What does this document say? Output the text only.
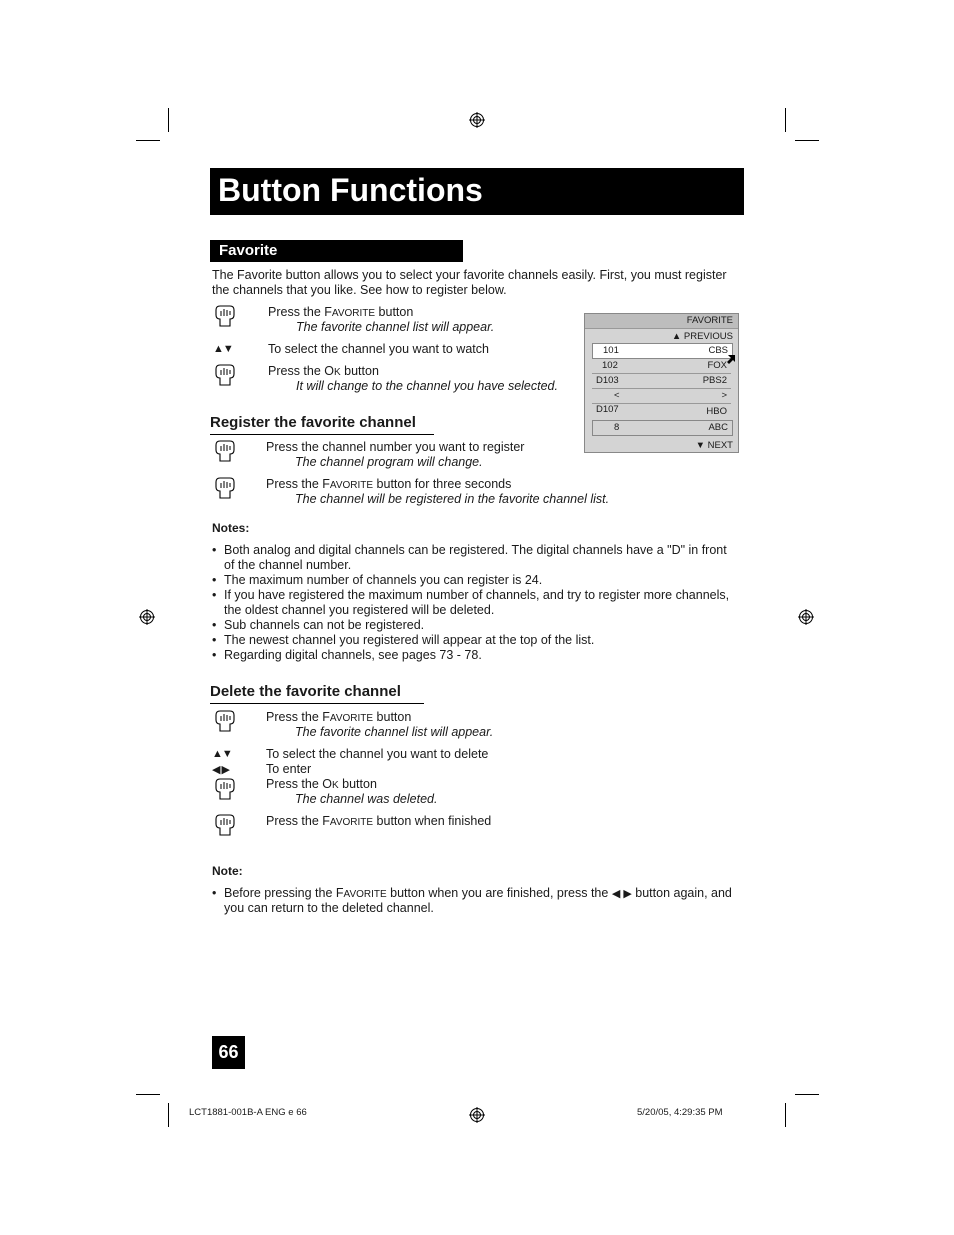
Button Functions
Favorite
The Favorite button allows you to select your favorite channels easily. First, you must register
the channels that you like. See how to register below.
Press the FAVORITE button
The favorite channel list will appear.
▲▼	To select the channel you want to watch
Press the OK button
It will change to the channel you have selected.
FAVORITE
▲ PREVIOUS
101	CBS
102	FOX
D103	PBS2
<	>
D107	HBO
8	ABC
▼ NEXT
Register the favorite channel
Press the channel number you want to register
The channel program will change.
Press the FAVORITE button for three seconds
The channel will be registered in the favorite channel list.
Notes:
• Both analog and digital channels can be registered. The digital channels have a "D" in front
of the channel number.
• The maximum number of channels you can register is 24.
• If you have registered the maximum number of channels, and try to register more channels,
the oldest channel you registered will be deleted.
• Sub channels can not be registered.
• The newest channel you registered will appear at the top of the list.
• Regarding digital channels, see pages 73 - 78.
Delete the favorite channel
Press the FAVORITE button
The favorite channel list will appear.
▲▼	To select the channel you want to delete
◀ ▶	To enter
Press the OK button
The channel was deleted.
Press the FAVORITE button when finished
Note:
• Before pressing the FAVORITE button when you are finished, press the ◀ ▶ button again, and
you can return to the deleted channel.
66
LCT1881-001B-A ENG e 66	5/20/05, 4:29:35 PM
